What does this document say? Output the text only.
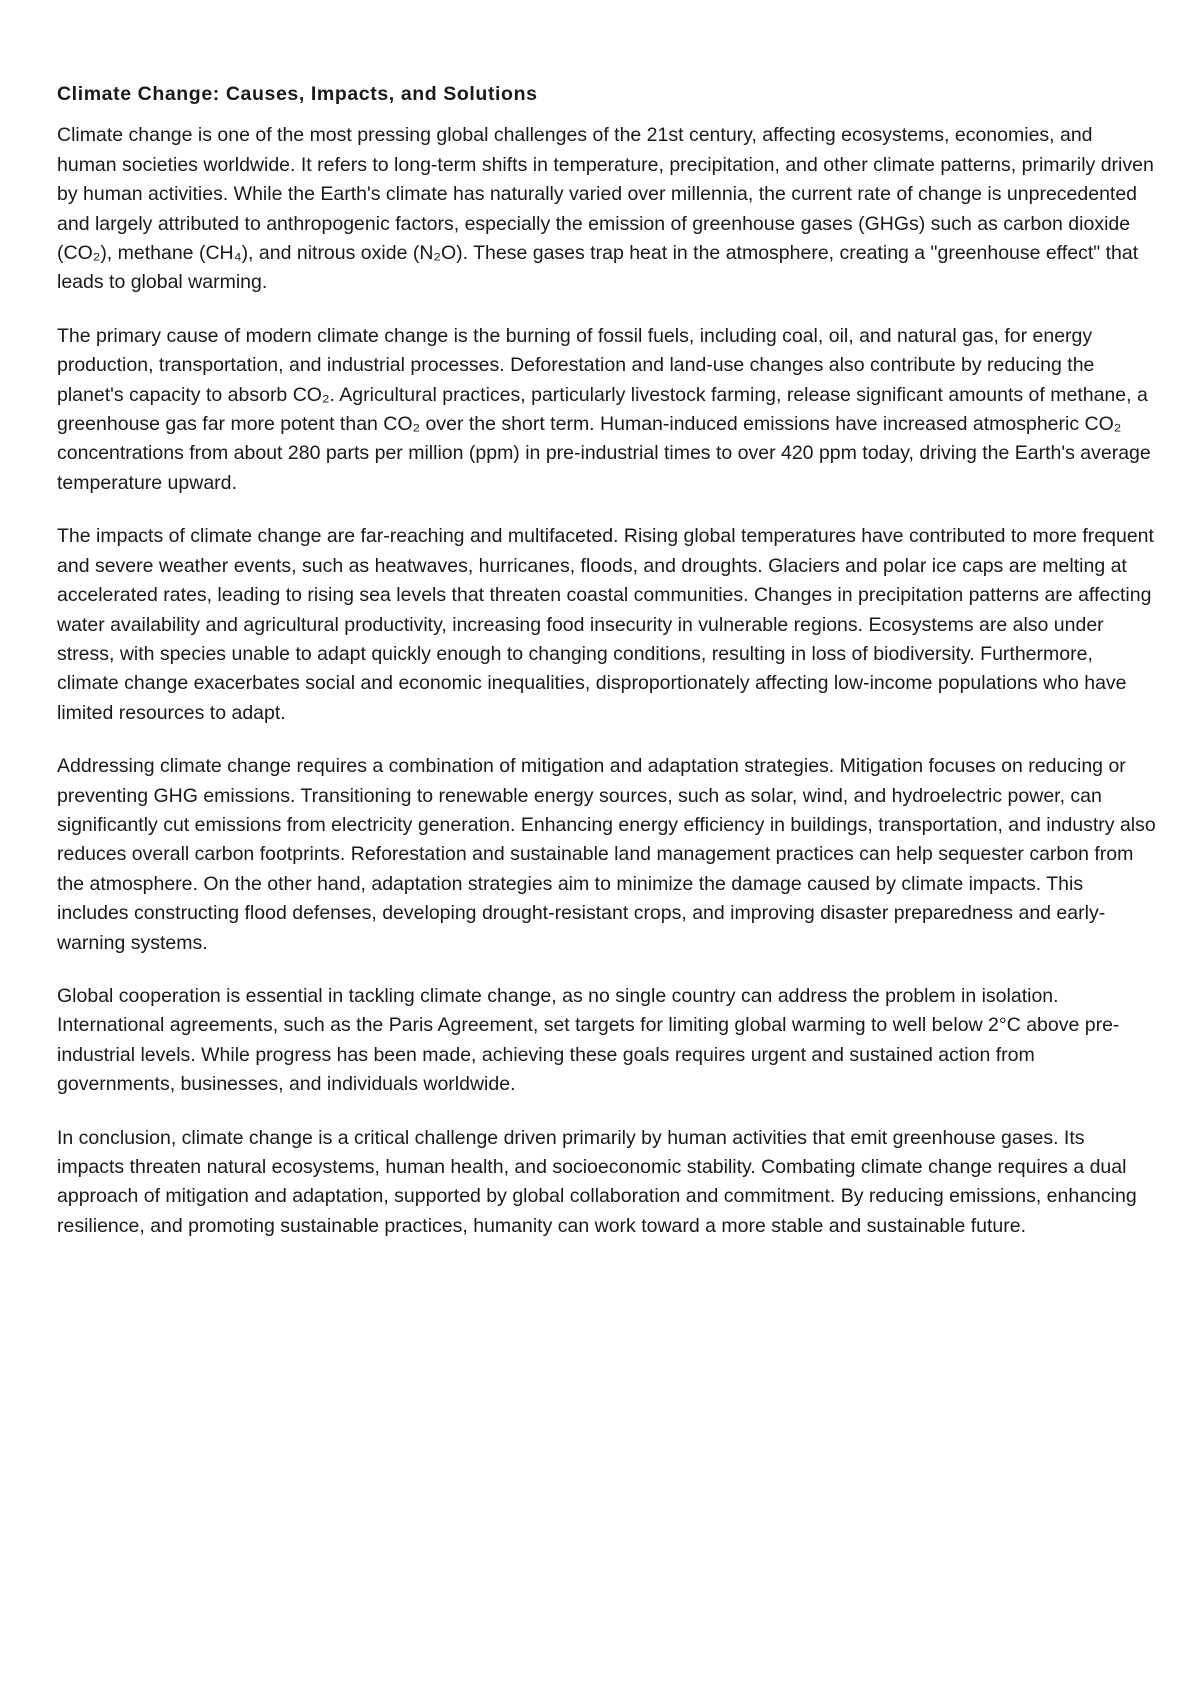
Climate Change: Causes, Impacts, and Solutions

Climate change is one of the most pressing global challenges of the 21st century, affecting ecosystems, economies, and human societies worldwide. It refers to long-term shifts in temperature, precipitation, and other climate patterns, primarily driven by human activities. While the Earth's climate has naturally varied over millennia, the current rate of change is unprecedented and largely attributed to anthropogenic factors, especially the emission of greenhouse gases (GHGs) such as carbon dioxide (CO₂), methane (CH₄), and nitrous oxide (N₂O). These gases trap heat in the atmosphere, creating a "greenhouse effect" that leads to global warming.

The primary cause of modern climate change is the burning of fossil fuels, including coal, oil, and natural gas, for energy production, transportation, and industrial processes. Deforestation and land-use changes also contribute by reducing the planet's capacity to absorb CO₂. Agricultural practices, particularly livestock farming, release significant amounts of methane, a greenhouse gas far more potent than CO₂ over the short term. Human-induced emissions have increased atmospheric CO₂ concentrations from about 280 parts per million (ppm) in pre-industrial times to over 420 ppm today, driving the Earth's average temperature upward.

The impacts of climate change are far-reaching and multifaceted. Rising global temperatures have contributed to more frequent and severe weather events, such as heatwaves, hurricanes, floods, and droughts. Glaciers and polar ice caps are melting at accelerated rates, leading to rising sea levels that threaten coastal communities. Changes in precipitation patterns are affecting water availability and agricultural productivity, increasing food insecurity in vulnerable regions. Ecosystems are also under stress, with species unable to adapt quickly enough to changing conditions, resulting in loss of biodiversity. Furthermore, climate change exacerbates social and economic inequalities, disproportionately affecting low-income populations who have limited resources to adapt.

Addressing climate change requires a combination of mitigation and adaptation strategies. Mitigation focuses on reducing or preventing GHG emissions. Transitioning to renewable energy sources, such as solar, wind, and hydroelectric power, can significantly cut emissions from electricity generation. Enhancing energy efficiency in buildings, transportation, and industry also reduces overall carbon footprints. Reforestation and sustainable land management practices can help sequester carbon from the atmosphere. On the other hand, adaptation strategies aim to minimize the damage caused by climate impacts. This includes constructing flood defenses, developing drought-resistant crops, and improving disaster preparedness and early-warning systems.

Global cooperation is essential in tackling climate change, as no single country can address the problem in isolation. International agreements, such as the Paris Agreement, set targets for limiting global warming to well below 2°C above pre-industrial levels. While progress has been made, achieving these goals requires urgent and sustained action from governments, businesses, and individuals worldwide.

In conclusion, climate change is a critical challenge driven primarily by human activities that emit greenhouse gases. Its impacts threaten natural ecosystems, human health, and socioeconomic stability. Combating climate change requires a dual approach of mitigation and adaptation, supported by global collaboration and commitment. By reducing emissions, enhancing resilience, and promoting sustainable practices, humanity can work toward a more stable and sustainable future.
